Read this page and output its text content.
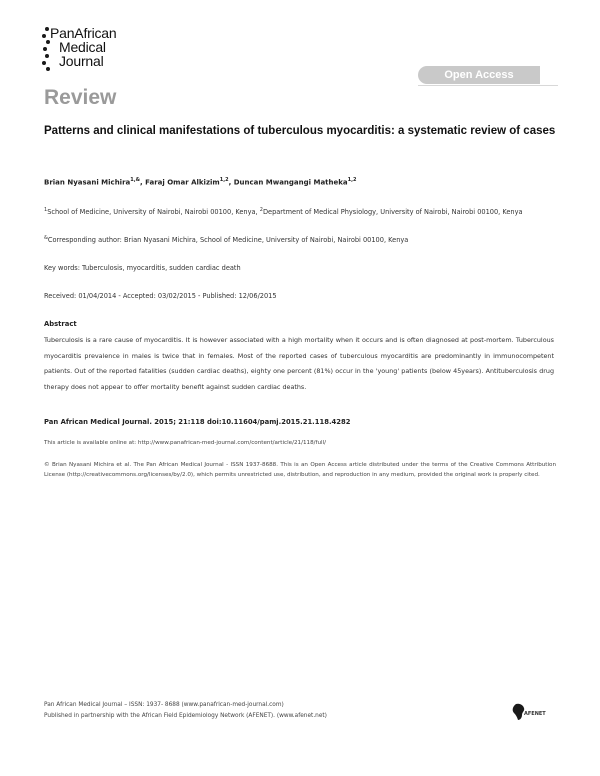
PanAfrican
Medical
Journal
Open Access
Review
Patterns and clinical manifestations of tuberculous myocarditis: a systematic review of cases
Brian Nyasani Michira$^{1,\&}$, Faraj Omar Alkizim$^{1,2}$, Duncan Mwangangi Matheka$^{1,2}$
$^1$School of Medicine, University of Nairobi, Nairobi 00100, Kenya, $^2$Department of Medical Physiology, University of Nairobi, Nairobi 00100, Kenya
&Corresponding author: Brian Nyasani Michira, School of Medicine, University of Nairobi, Nairobi 00100, Kenya
Key words: Tuberculosis, myocarditis, sudden cardiac death
Received: 01/04/2014 - Accepted: 03/02/2015 - Published: 12/06/2015
Abstract
Tuberculosis is a rare cause of myocarditis. It is however associated with a high mortality when it occurs and is often diagnosed at post-mortem. Tuberculous myocarditis prevalence in males is twice that in females. Most of the reported cases of tuberculous myocarditis are predominantly in immunocompetent patients. Out of the reported fatalities (sudden cardiac deaths), eighty one percent (81%) occur in the 'young' patients (below 45years). Antituberculosis drug therapy does not appear to offer mortality benefit against sudden cardiac deaths.
Pan African Medical Journal. 2015; 21:118 doi:10.11604/pamj.2015.21.118.4282
This article is available online at: http://www.panafrican-med-journal.com/content/article/21/118/full/
© Brian Nyasani Michira et al. The Pan African Medical Journal - ISSN 1937-8688. This is an Open Access article distributed under the terms of the Creative Commons Attribution License (http://creativecommons.org/licenses/by/2.0), which permits unrestricted use, distribution, and reproduction in any medium, provided the original work is properly cited.
Pan African Medical Journal – ISSN: 1937- 8688 (www.panafrican-med-journal.com)
Published in partnership with the African Field Epidemiology Network (AFENET). (www.afenet.net)	AFENET
